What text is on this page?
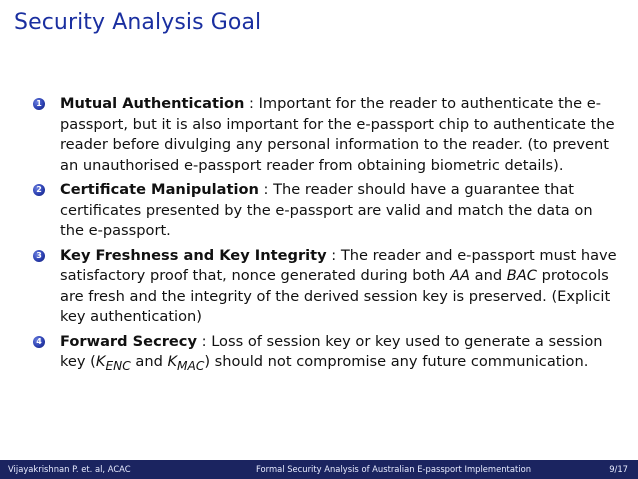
Security Analysis Goal
1 Mutual Authentication : Important for the reader to authenticate the e-passport, but it is also important for the e-passport chip to authenticate the reader before divulging any personal information to the reader. (to prevent an unauthorised e-passport reader from obtaining biometric details).
2 Certificate Manipulation : The reader should have a guarantee that certificates presented by the e-passport are valid and match the data on the e-passport.
3 Key Freshness and Key Integrity : The reader and e-passport must have satisfactory proof that, nonce generated during both AA and BAC protocols are fresh and the integrity of the derived session key is preserved. (Explicit key authentication)
4 Forward Secrecy : Loss of session key or key used to generate a session key ($K_{ENC}$ and $K_{MAC}$) should not compromise any future communication.
Vijayakrishnan P. et. al, ACAC	Formal Security Analysis of Australian E-passport Implementation	9/17
